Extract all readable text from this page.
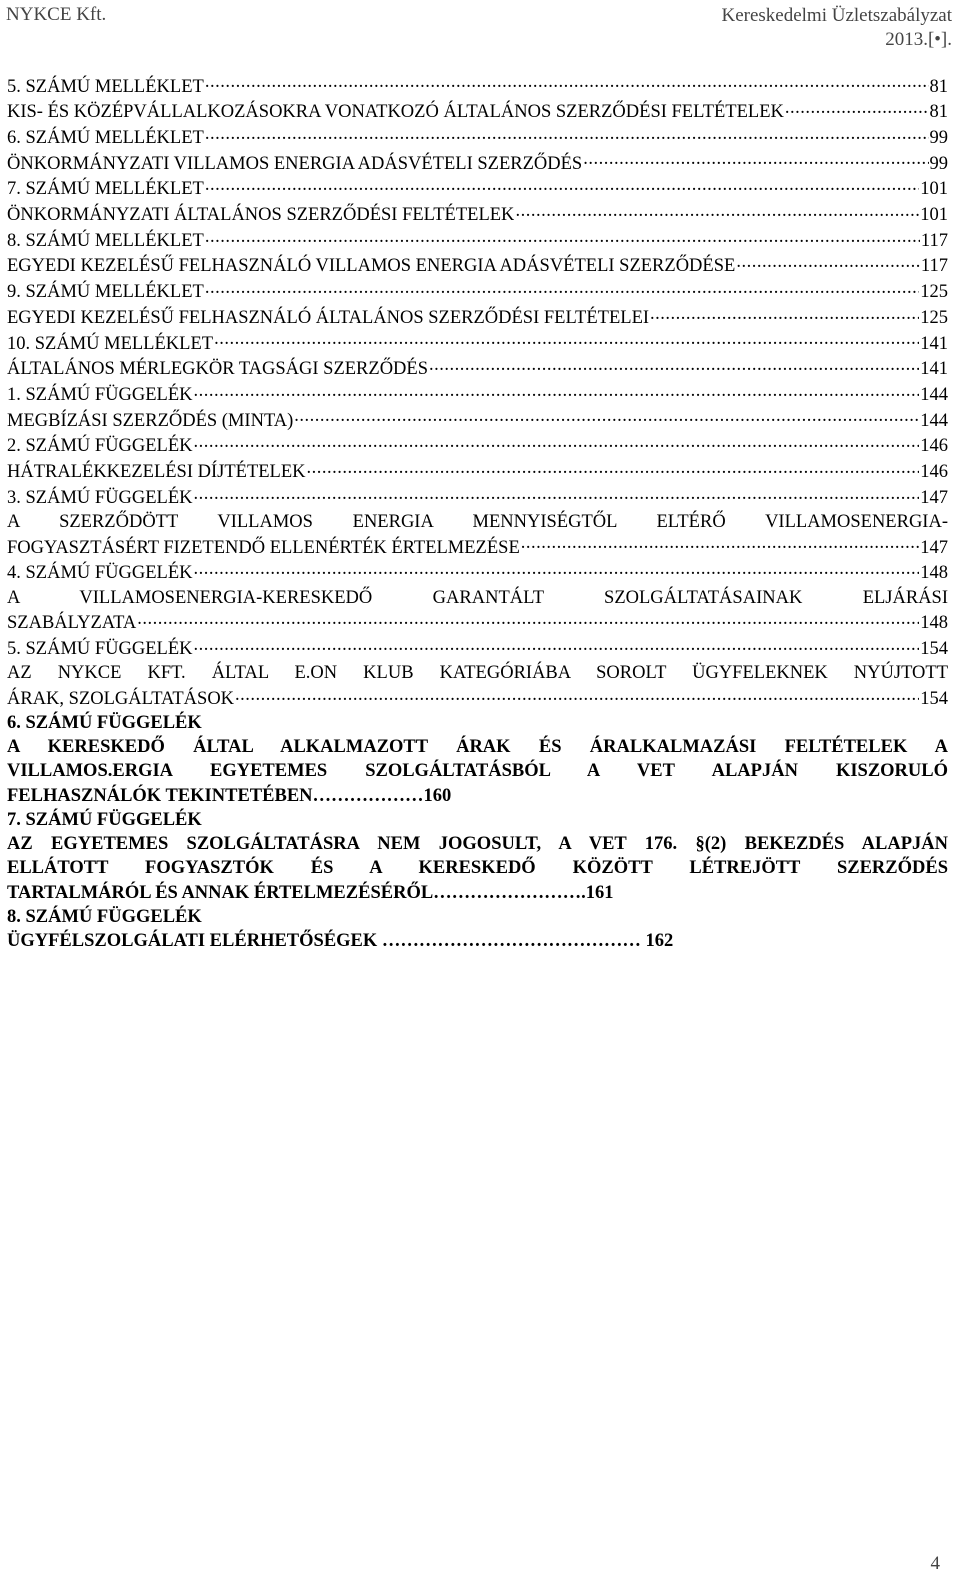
NYKCE Kft.	Kereskedelmi Üzletszabályzat
2013.[•].
5. SZÁMÚ MELLÉKLET .....	81
KIS- ÉS KÖZÉPVÁLLALKOZÁSOKRA VONATKOZÓ ÁLTALÁNOS SZERZŐDÉSI FELTÉTELEK .....	81
6. SZÁMÚ MELLÉKLET .....	99
ÖNKORMÁNYZATI VILLAMOS ENERGIA ADÁSVÉTELI SZERZŐDÉS .....	99
7. SZÁMÚ MELLÉKLET .....	101
ÖNKORMÁNYZATI ÁLTALÁNOS SZERZŐDÉSI FELTÉTELEK .....	101
8. SZÁMÚ MELLÉKLET .....	117
EGYEDI KEZELÉSŰ FELHASZNÁLÓ VILLAMOS ENERGIA ADÁSVÉTELI SZERZŐDÉSE .....	117
9. SZÁMÚ MELLÉKLET .....	125
EGYEDI KEZELÉSŰ FELHASZNÁLÓ ÁLTALÁNOS SZERZŐDÉSI FELTÉTELEI .....	125
10. SZÁMÚ MELLÉKLET .....	141
ÁLTALÁNOS MÉRLEGKÖR TAGSÁGI SZERZŐDÉS .....	141
1. SZÁMÚ FÜGGELÉK .....	144
MEGBÍZÁSI SZERZŐDÉS (MINTA) .....	144
2. SZÁMÚ FÜGGELÉK .....	146
HÁTRALÉKKEZELÉSI DÍJTÉTELEK .....	146
3. SZÁMÚ FÜGGELÉK .....	147
A SZERZŐDÖTT VILLAMOS ENERGIA MENNYISÉGTŐL ELTÉRŐ VILLAMOSENERGIA-
FOGYASZTÁSÉRT FIZETENDŐ ELLENÉRTÉK ÉRTELMEZÉSE .....	147
4. SZÁMÚ FÜGGELÉK .....	148
A VILLAMOSENERGIA-KERESKEDŐ GARANTÁLT SZOLGÁLTATÁSAINAK ELJÁRÁSI
SZABÁLYZATA .....	148
5. SZÁMÚ FÜGGELÉK .....	154
AZ NYKCE KFT. ÁLTAL E.ON KLUB KATEGÓRIÁBA SOROLT ÜGYFELEKNEK NYÚJTOTT
ÁRAK, SZOLGÁLTATÁSOK .....	154
6. SZÁMÚ FÜGGELÉK
A KERESKEDŐ ÁLTAL ALKALMAZOTT ÁRAK ÉS ÁRALKALMAZÁSI FELTÉTELEK A
VILLAMOS.ERGIA EGYETEMES SZOLGÁLTATÁSBÓL A VET ALAPJÁN KISZORULÓ
FELHASZNÁLÓK TEKINTETÉBEN………………160
7. SZÁMÚ FÜGGELÉK
AZ EGYETEMES SZOLGÁLTATÁSRA NEM JOGOSULT, A VET 176. §(2) BEKEZDÉS ALAPJÁN
ELLÁTOTT FOGYASZTÓK ÉS A KERESKEDŐ KÖZÖTT LÉTREJÖTT SZERZŐDÉS
TARTALMÁRÓL ÉS ANNAK ÉRTELMEZÉSÉRŐL…………………….161
8. SZÁMÚ FÜGGELÉK
ÜGYFÉLSZOLGÁLATI ELÉRHETŐSÉGEK …………………………………… 162
4
